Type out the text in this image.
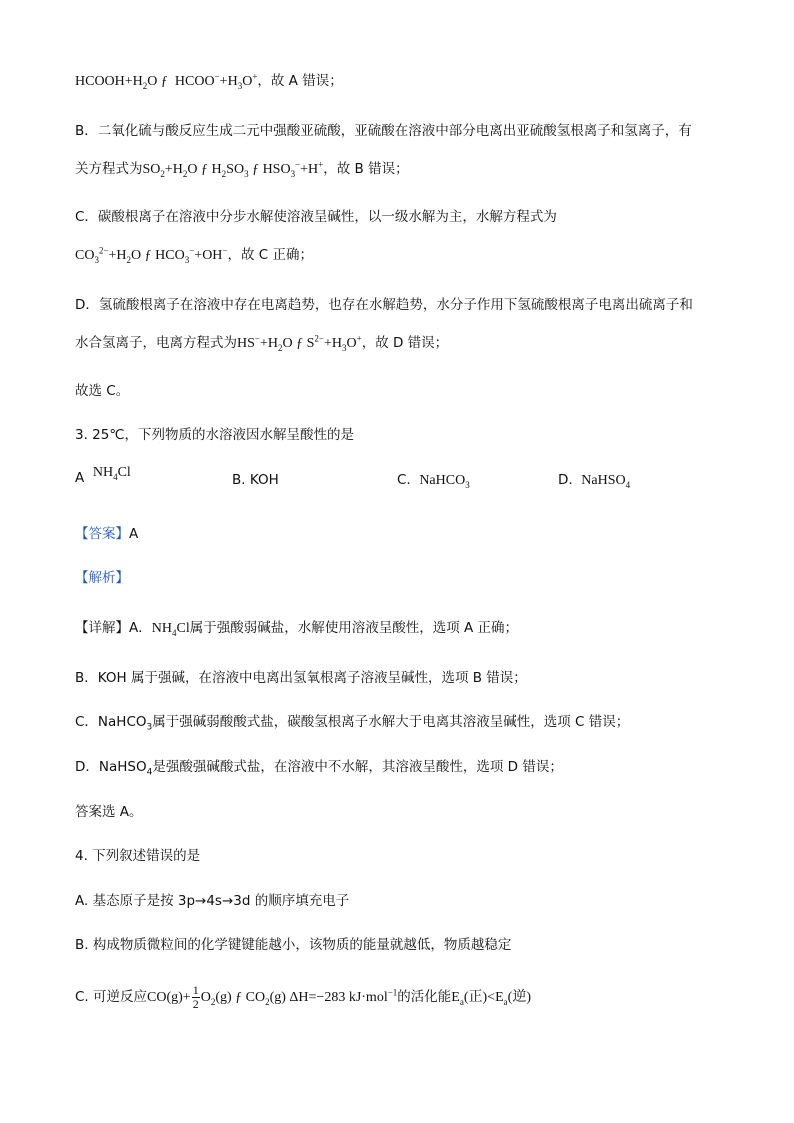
$HCOOH+H_2O$ ƒ $HCOO^-+H_3O^+$，故 A 错误；
B．二氧化硫与酸反应生成二元中强酸亚硫酸，亚硫酸在溶液中部分电离出亚硫酸氢根离子和氢离子，有
关方程式为$SO_2+H_2O$ ƒ $H_2SO_3$ ƒ $HSO_3^-+H^+$，故 B 错误；
C．碳酸根离子在溶液中分步水解使溶液呈碱性，以一级水解为主，水解方程式为
$CO_3^{2-}+H_2O$ ƒ $HCO_3^-+OH^-$，故 C 正确；
D．氢硫酸根离子在溶液中存在电离趋势，也存在水解趋势，水分子作用下氢硫酸根离子电离出硫离子和
水合氢离子，电离方程式为$HS^-+H_2O$ ƒ $S^{2-}+H_3O^+$，故 D 错误；
故选 C。
3. 25℃，下列物质的水溶液因水解呈酸性的是
A $NH_4Cl$	B. KOH	C. NaHCO$_3$	D. NaHSO$_4$
【答案】A
【解析】
【详解】A．$NH_4Cl$属于强酸弱碱盐，水解使用溶液呈酸性，选项 A 正确；
B．KOH 属于强碱，在溶液中电离出氢氧根离子溶液呈碱性，选项 B 错误；
C．NaHCO$_3$属于强碱弱酸酸式盐，碳酸氢根离子水解大于电离其溶液呈碱性，选项 C 错误；
D．NaHSO$_4$是强酸强碱酸式盐，在溶液中不水解，其溶液呈酸性，选项 D 错误；
答案选 A。
4. 下列叙述错误的是
A. 基态原子是按 3p→4s→3d 的顺序填充电子
B. 构成物质微粒间的化学键键能越小，该物质的能量就越低，物质越稳定
C. 可逆反应$CO(g)+ \frac{1}{2} O_2(g)$ ƒ $CO_2(g)$ ΔH=−283 kJ·mol$^{-1}$的活化能$E_a$(正)$<E_a$(逆)
